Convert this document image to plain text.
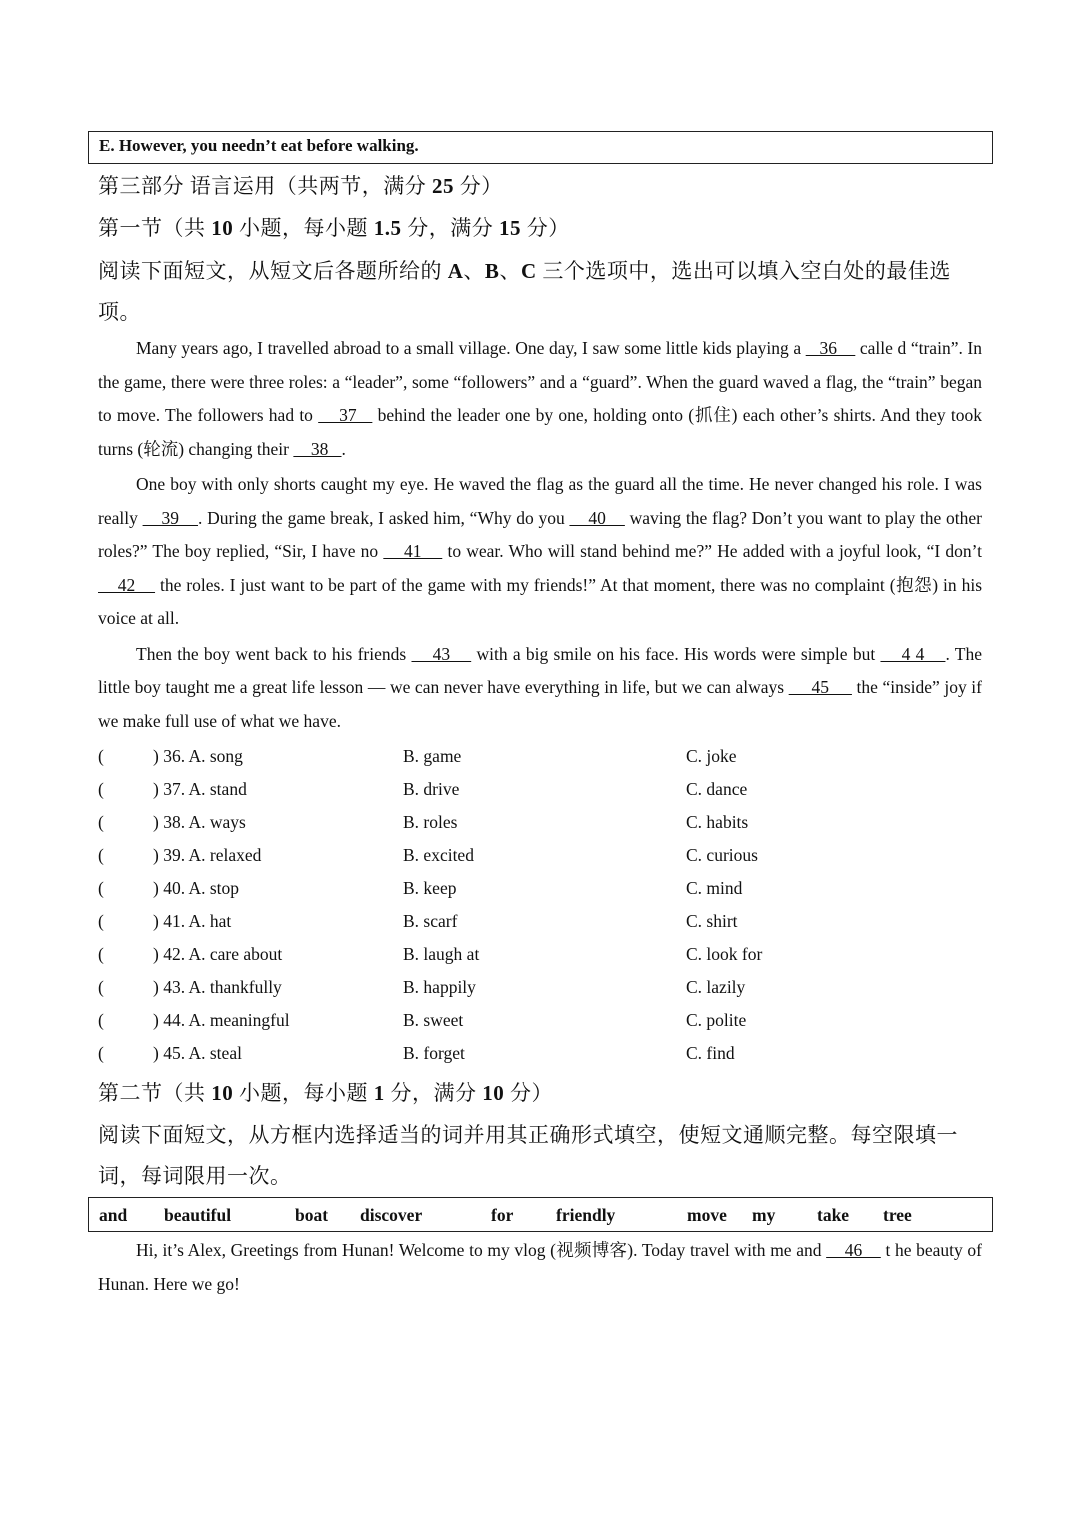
E. However, you needn’t eat before walking.
第三部分 语言运用（共两节，满分 25 分）
第一节（共 10 小题，每小题 1.5 分，满分 15 分）
阅读下面短文，从短文后各题所给的 A、B、C 三个选项中，选出可以填入空白处的最佳选
项。

Many years ago, I travelled abroad to a small village. One day, I saw some little kids playing a    36     calle d “train”. In the game, there were three roles: a “leader”, some “followers” and a “guard”. When the guard waved a flag, the “train” began to move. The followers had to     37    behind the leader one by one, holding onto (抓住) each other’s shirts. And they took turns (轮流) changing their     38   .

One boy with only shorts caught my eye. He waved the flag as the guard all the time. He never changed his role. I was really     39    . During the game break, I asked him, “Why do you     40     waving the flag? Don’t you want to play the other roles?” The boy replied, “Sir, I have no     41     to wear. Who will stand behind me?” He added with a joyful look, “I don’t     42     the roles. I just want to be part of the game with my friends!” At that moment, there was no complaint (抱怨) in his voice at all.

Then the boy went back to his friends     43     with a big smile on his face. His words were simple but     4 4    . The little boy taught me a great life lesson — we can never have everything in life, but we can always      45      the “inside” joy if we make full use of what we have.

(	) 36. A. song	B. game	C. joke
(	) 37. A. stand	B. drive	C. dance
(	) 38. A. ways	B. roles	C. habits
(	) 39. A. relaxed	B. excited	C. curious
(	) 40. A. stop	B. keep	C. mind
(	) 41. A. hat	B. scarf	C. shirt
(	) 42. A. care about	B. laugh at	C. look for
(	) 43. A. thankfully	B. happily	C. lazily
(	) 44. A. meaningful	B. sweet	C. polite
(	) 45. A. steal	B. forget	C. find
第二节（共 10 小题，每小题 1 分，满分 10 分）
阅读下面短文，从方框内选择适当的词并用其正确形式填空，使短文通顺完整。每空限填一
词，每词限用一次。
and beautiful	boat discover	for friendly	move my take tree

Hi, it’s Alex, Greetings from Hunan! Welcome to my vlog (视频博客). Today travel with me and     46     t he beauty of Hunan. Here we go!
